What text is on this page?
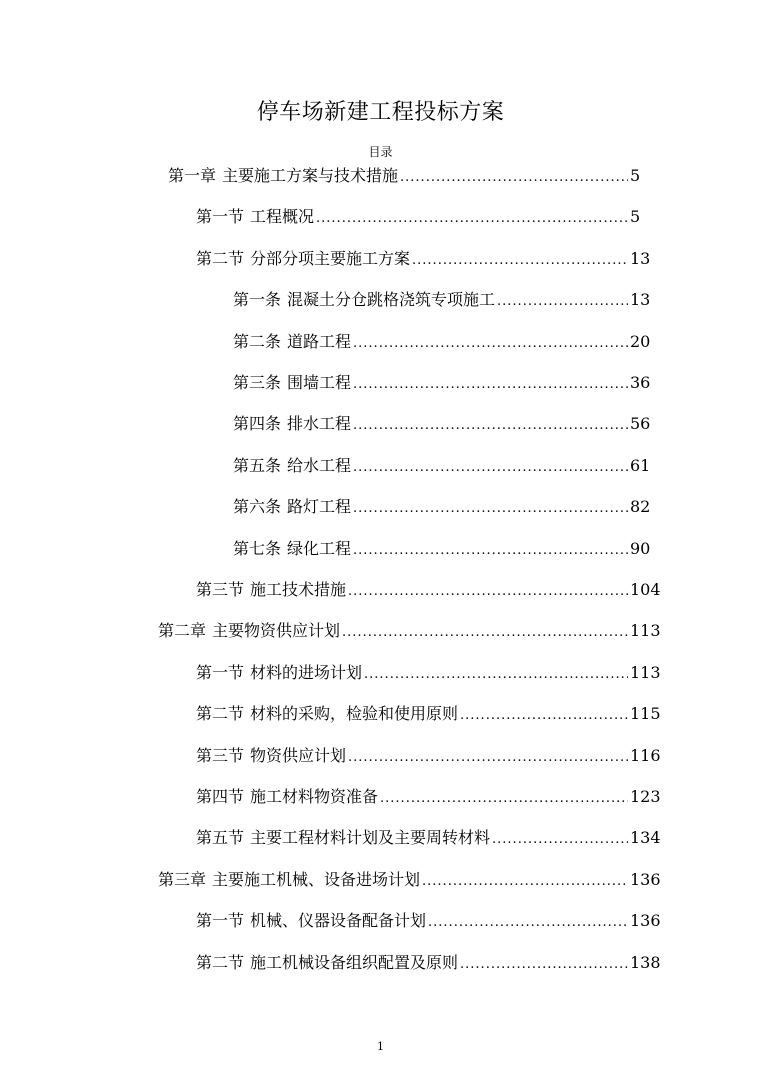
停车场新建工程投标方案
目录
第一章 主要施工方案与技术措施 .....	5
第一节 工程概况 .....	5
第二节 分部分项主要施工方案 .....	13
第一条 混凝土分仓跳格浇筑专项施工 .....	13
第二条 道路工程 .....	20
第三条 围墙工程 .....	36
第四条 排水工程 .....	56
第五条 给水工程 .....	61
第六条 路灯工程 .....	82
第七条 绿化工程 .....	90
第三节 施工技术措施 .....	104
第二章 主要物资供应计划 .....	113
第一节 材料的进场计划 .....	113
第二节 材料的采购，检验和使用原则 .....	115
第三节 物资供应计划 .....	116
第四节 施工材料物资准备 .....	123
第五节 主要工程材料计划及主要周转材料 .....	134
第三章 主要施工机械、设备进场计划 .....	136
第一节 机械、仪器设备配备计划 .....	136
第二节 施工机械设备组织配置及原则 .....	138
1
